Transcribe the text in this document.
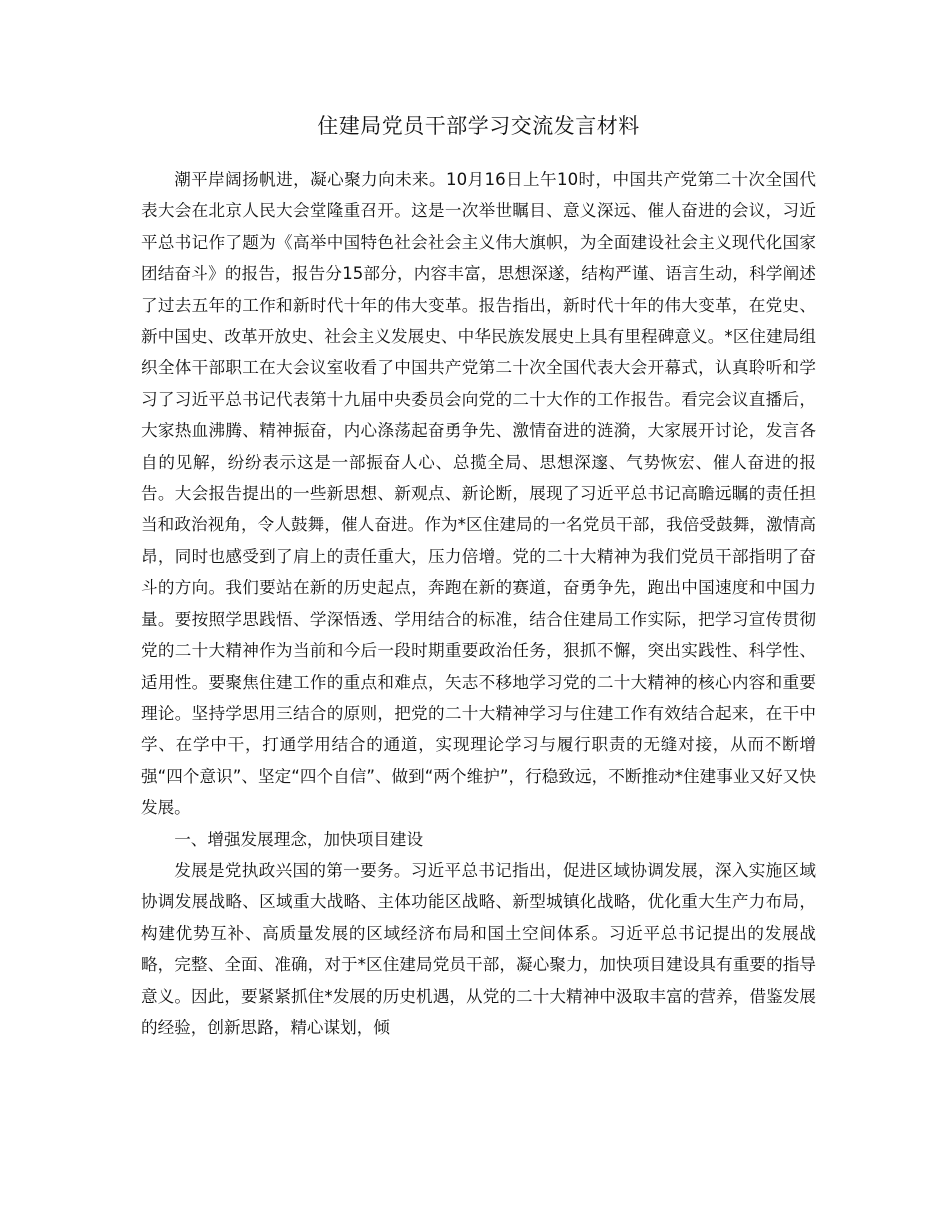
住建局党员干部学习交流发言材料

潮平岸阔扬帆进，凝心聚力向未来。10月16日上午10时，中国共产党第二十次全国代表大会在北京人民大会堂隆重召开。这是一次举世瞩目、意义深远、催人奋进的会议，习近平总书记作了题为《高举中国特色社会社会主义伟大旗帜，为全面建设社会主义现代化国家团结奋斗》的报告，报告分15部分，内容丰富，思想深遂，结构严谨、语言生动，科学阐述了过去五年的工作和新时代十年的伟大变革。报告指出，新时代十年的伟大变革，在党史、新中国史、改革开放史、社会主义发展史、中华民族发展史上具有里程碑意义。*区住建局组织全体干部职工在大会议室收看了中国共产党第二十次全国代表大会开幕式，认真聆听和学习了习近平总书记代表第十九届中央委员会向党的二十大作的工作报告。看完会议直播后，大家热血沸腾、精神振奋，内心涤荡起奋勇争先、激情奋进的涟漪，大家展开讨论，发言各自的见解，纷纷表示这是一部振奋人心、总揽全局、思想深邃、气势恢宏、催人奋进的报告。大会报告提出的一些新思想、新观点、新论断，展现了习近平总书记高瞻远瞩的责任担当和政治视角，令人鼓舞，催人奋进。作为*区住建局的一名党员干部，我倍受鼓舞，激情高昂，同时也感受到了肩上的责任重大，压力倍增。党的二十大精神为我们党员干部指明了奋斗的方向。我们要站在新的历史起点，奔跑在新的赛道，奋勇争先，跑出中国速度和中国力量。要按照学思践悟、学深悟透、学用结合的标准，结合住建局工作实际，把学习宣传贯彻党的二十大精神作为当前和今后一段时期重要政治任务，狠抓不懈，突出实践性、科学性、适用性。要聚焦住建工作的重点和难点，矢志不移地学习党的二十大精神的核心内容和重要理论。坚持学思用三结合的原则，把党的二十大精神学习与住建工作有效结合起来，在干中学、在学中干，打通学用结合的通道，实现理论学习与履行职责的无缝对接，从而不断增强“四个意识”、坚定“四个自信”、做到“两个维护”，行稳致远，不断推动*住建事业又好又快发展。

一、增强发展理念，加快项目建设

发展是党执政兴国的第一要务。习近平总书记指出，促进区域协调发展，深入实施区域协调发展战略、区域重大战略、主体功能区战略、新型城镇化战略，优化重大生产力布局，构建优势互补、高质量发展的区域经济布局和国土空间体系。习近平总书记提出的发展战略，完整、全面、准确，对于*区住建局党员干部，凝心聚力，加快项目建设具有重要的指导意义。因此，要紧紧抓住*发展的历史机遇，从党的二十大精神中汲取丰富的营养，借鉴发展的经验，创新思路，精心谋划，倾
